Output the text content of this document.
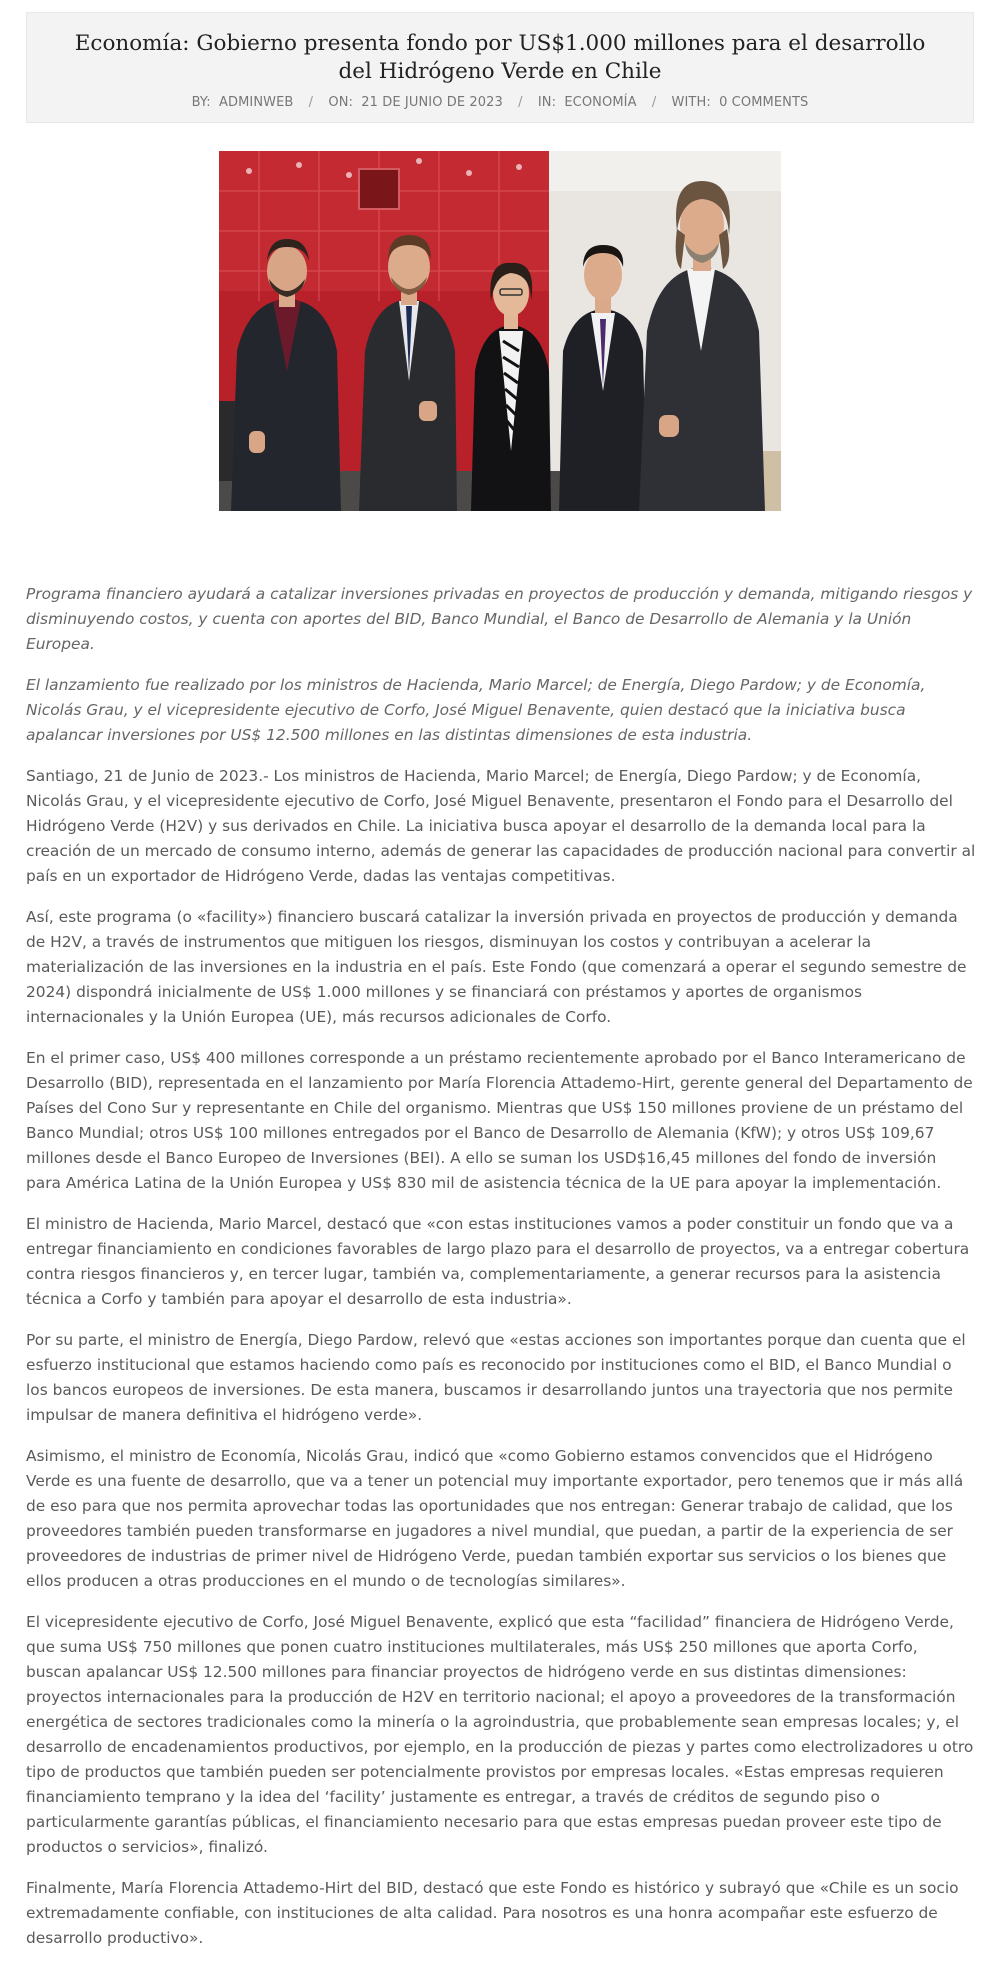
Economía: Gobierno presenta fondo por US$1.000 millones para el desarrollo del Hidrógeno Verde en Chile
BY: ADMINWEB / ON: 21 DE JUNIO DE 2023 / IN: ECONOMÍA / WITH: 0 COMMENTS

Programa financiero ayudará a catalizar inversiones privadas en proyectos de producción y demanda, mitigando riesgos y disminuyendo costos, y cuenta con aportes del BID, Banco Mundial, el Banco de Desarrollo de Alemania y la Unión Europea.

El lanzamiento fue realizado por los ministros de Hacienda, Mario Marcel; de Energía, Diego Pardow; y de Economía, Nicolás Grau, y el vicepresidente ejecutivo de Corfo, José Miguel Benavente, quien destacó que la iniciativa busca apalancar inversiones por US$ 12.500 millones en las distintas dimensiones de esta industria.

Santiago, 21 de Junio de 2023.- Los ministros de Hacienda, Mario Marcel; de Energía, Diego Pardow; y de Economía, Nicolás Grau, y el vicepresidente ejecutivo de Corfo, José Miguel Benavente, presentaron el Fondo para el Desarrollo del Hidrógeno Verde (H2V) y sus derivados en Chile. La iniciativa busca apoyar el desarrollo de la demanda local para la creación de un mercado de consumo interno, además de generar las capacidades de producción nacional para convertir al país en un exportador de Hidrógeno Verde, dadas las ventajas competitivas.

Así, este programa (o «facility») financiero buscará catalizar la inversión privada en proyectos de producción y demanda de H2V, a través de instrumentos que mitiguen los riesgos, disminuyan los costos y contribuyan a acelerar la materialización de las inversiones en la industria en el país. Este Fondo (que comenzará a operar el segundo semestre de 2024) dispondrá inicialmente de US$ 1.000 millones y se financiará con préstamos y aportes de organismos internacionales y la Unión Europea (UE), más recursos adicionales de Corfo.

En el primer caso, US$ 400 millones corresponde a un préstamo recientemente aprobado por el Banco Interamericano de Desarrollo (BID), representada en el lanzamiento por María Florencia Attademo-Hirt, gerente general del Departamento de Países del Cono Sur y representante en Chile del organismo. Mientras que US$ 150 millones proviene de un préstamo del Banco Mundial; otros US$ 100 millones entregados por el Banco de Desarrollo de Alemania (KfW); y otros US$ 109,67 millones desde el Banco Europeo de Inversiones (BEI). A ello se suman los USD$16,45 millones del fondo de inversión para América Latina de la Unión Europea y US$ 830 mil de asistencia técnica de la UE para apoyar la implementación.

El ministro de Hacienda, Mario Marcel, destacó que «con estas instituciones vamos a poder constituir un fondo que va a entregar financiamiento en condiciones favorables de largo plazo para el desarrollo de proyectos, va a entregar cobertura contra riesgos financieros y, en tercer lugar, también va, complementariamente, a generar recursos para la asistencia técnica a Corfo y también para apoyar el desarrollo de esta industria».

Por su parte, el ministro de Energía, Diego Pardow, relevó que «estas acciones son importantes porque dan cuenta que el esfuerzo institucional que estamos haciendo como país es reconocido por instituciones como el BID, el Banco Mundial o los bancos europeos de inversiones. De esta manera, buscamos ir desarrollando juntos una trayectoria que nos permite impulsar de manera definitiva el hidrógeno verde».

Asimismo, el ministro de Economía, Nicolás Grau, indicó que «como Gobierno estamos convencidos que el Hidrógeno Verde es una fuente de desarrollo, que va a tener un potencial muy importante exportador, pero tenemos que ir más allá de eso para que nos permita aprovechar todas las oportunidades que nos entregan: Generar trabajo de calidad, que los proveedores también pueden transformarse en jugadores a nivel mundial, que puedan, a partir de la experiencia de ser proveedores de industrias de primer nivel de Hidrógeno Verde, puedan también exportar sus servicios o los bienes que ellos producen a otras producciones en el mundo o de tecnologías similares».

El vicepresidente ejecutivo de Corfo, José Miguel Benavente, explicó que esta “facilidad” financiera de Hidrógeno Verde, que suma US$ 750 millones que ponen cuatro instituciones multilaterales, más US$ 250 millones que aporta Corfo, buscan apalancar US$ 12.500 millones para financiar proyectos de hidrógeno verde en sus distintas dimensiones: proyectos internacionales para la producción de H2V en territorio nacional; el apoyo a proveedores de la transformación energética de sectores tradicionales como la minería o la agroindustria, que probablemente sean empresas locales; y, el desarrollo de encadenamientos productivos, por ejemplo, en la producción de piezas y partes como electrolizadores u otro tipo de productos que también pueden ser potencialmente provistos por empresas locales. «Estas empresas requieren financiamiento temprano y la idea del ‘facility’ justamente es entregar, a través de créditos de segundo piso o particularmente garantías públicas, el financiamiento necesario para que estas empresas puedan proveer este tipo de productos o servicios», finalizó.

Finalmente, María Florencia Attademo-Hirt del BID, destacó que este Fondo es histórico y subrayó que «Chile es un socio extremadamente confiable, con instituciones de alta calidad. Para nosotros es una honra acompañar este esfuerzo de desarrollo productivo».
